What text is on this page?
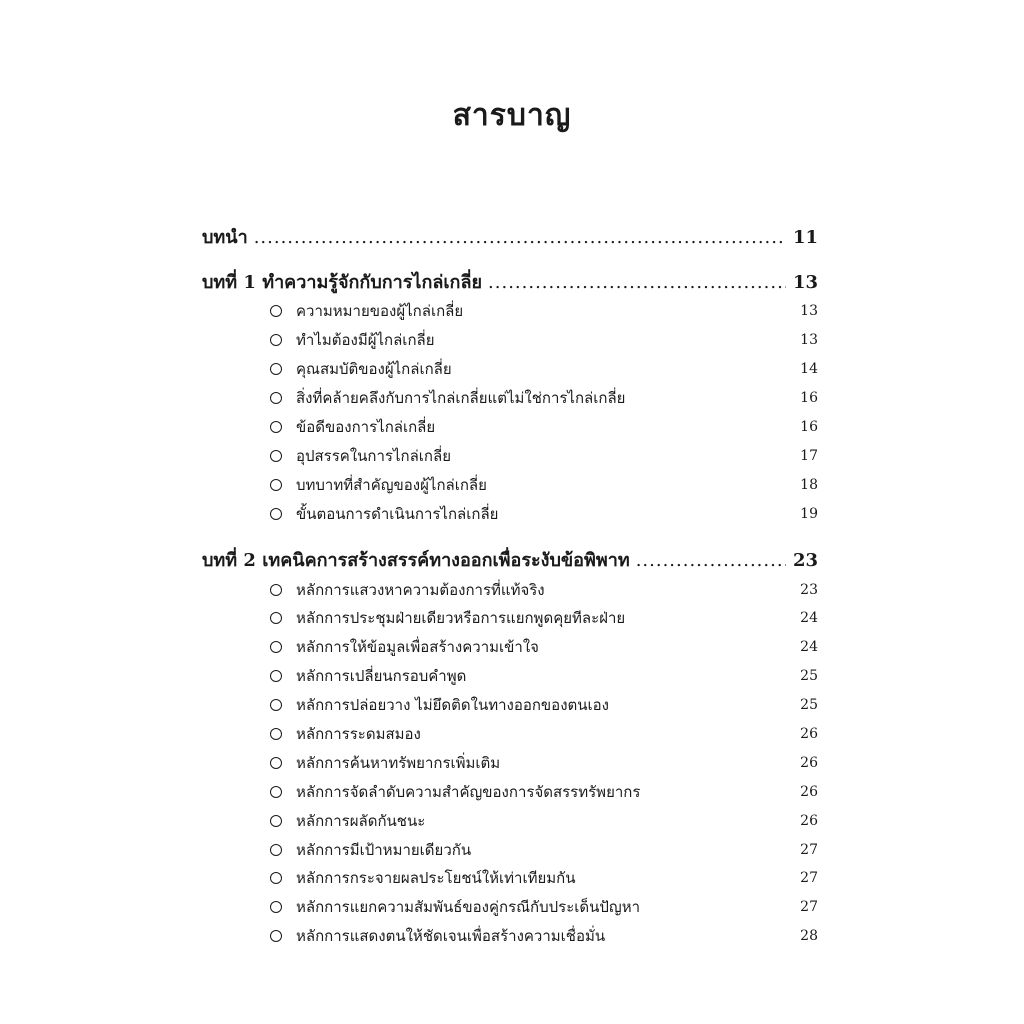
สารบาญ
บทนำ .....	11
บทที่ 1 ทำความรู้จักกับการไกล่เกลี่ย .....	13
ความหมายของผู้ไกล่เกลี่ย	13
ทำไมต้องมีผู้ไกล่เกลี่ย	13
คุณสมบัติของผู้ไกล่เกลี่ย	14
สิ่งที่คล้ายคลึงกับการไกล่เกลี่ยแต่ไม่ใช่การไกล่เกลี่ย	16
ข้อดีของการไกล่เกลี่ย	16
อุปสรรคในการไกล่เกลี่ย	17
บทบาทที่สำคัญของผู้ไกล่เกลี่ย	18
ขั้นตอนการดำเนินการไกล่เกลี่ย	19
บทที่ 2 เทคนิคการสร้างสรรค์ทางออกเพื่อระงับข้อพิพาท .....	23
หลักการแสวงหาความต้องการที่แท้จริง	23
หลักการประชุมฝ่ายเดียวหรือการแยกพูดคุยทีละฝ่าย	24
หลักการให้ข้อมูลเพื่อสร้างความเข้าใจ	24
หลักการเปลี่ยนกรอบคำพูด	25
หลักการปล่อยวาง ไม่ยึดติดในทางออกของตนเอง	25
หลักการระดมสมอง	26
หลักการค้นหาทรัพยากรเพิ่มเติม	26
หลักการจัดลำดับความสำคัญของการจัดสรรทรัพยากร	26
หลักการผลัดกันชนะ	26
หลักการมีเป้าหมายเดียวกัน	27
หลักการกระจายผลประโยชน์ให้เท่าเทียมกัน	27
หลักการแยกความสัมพันธ์ของคู่กรณีกับประเด็นปัญหา	27
หลักการแสดงตนให้ชัดเจนเพื่อสร้างความเชื่อมั่น	28
